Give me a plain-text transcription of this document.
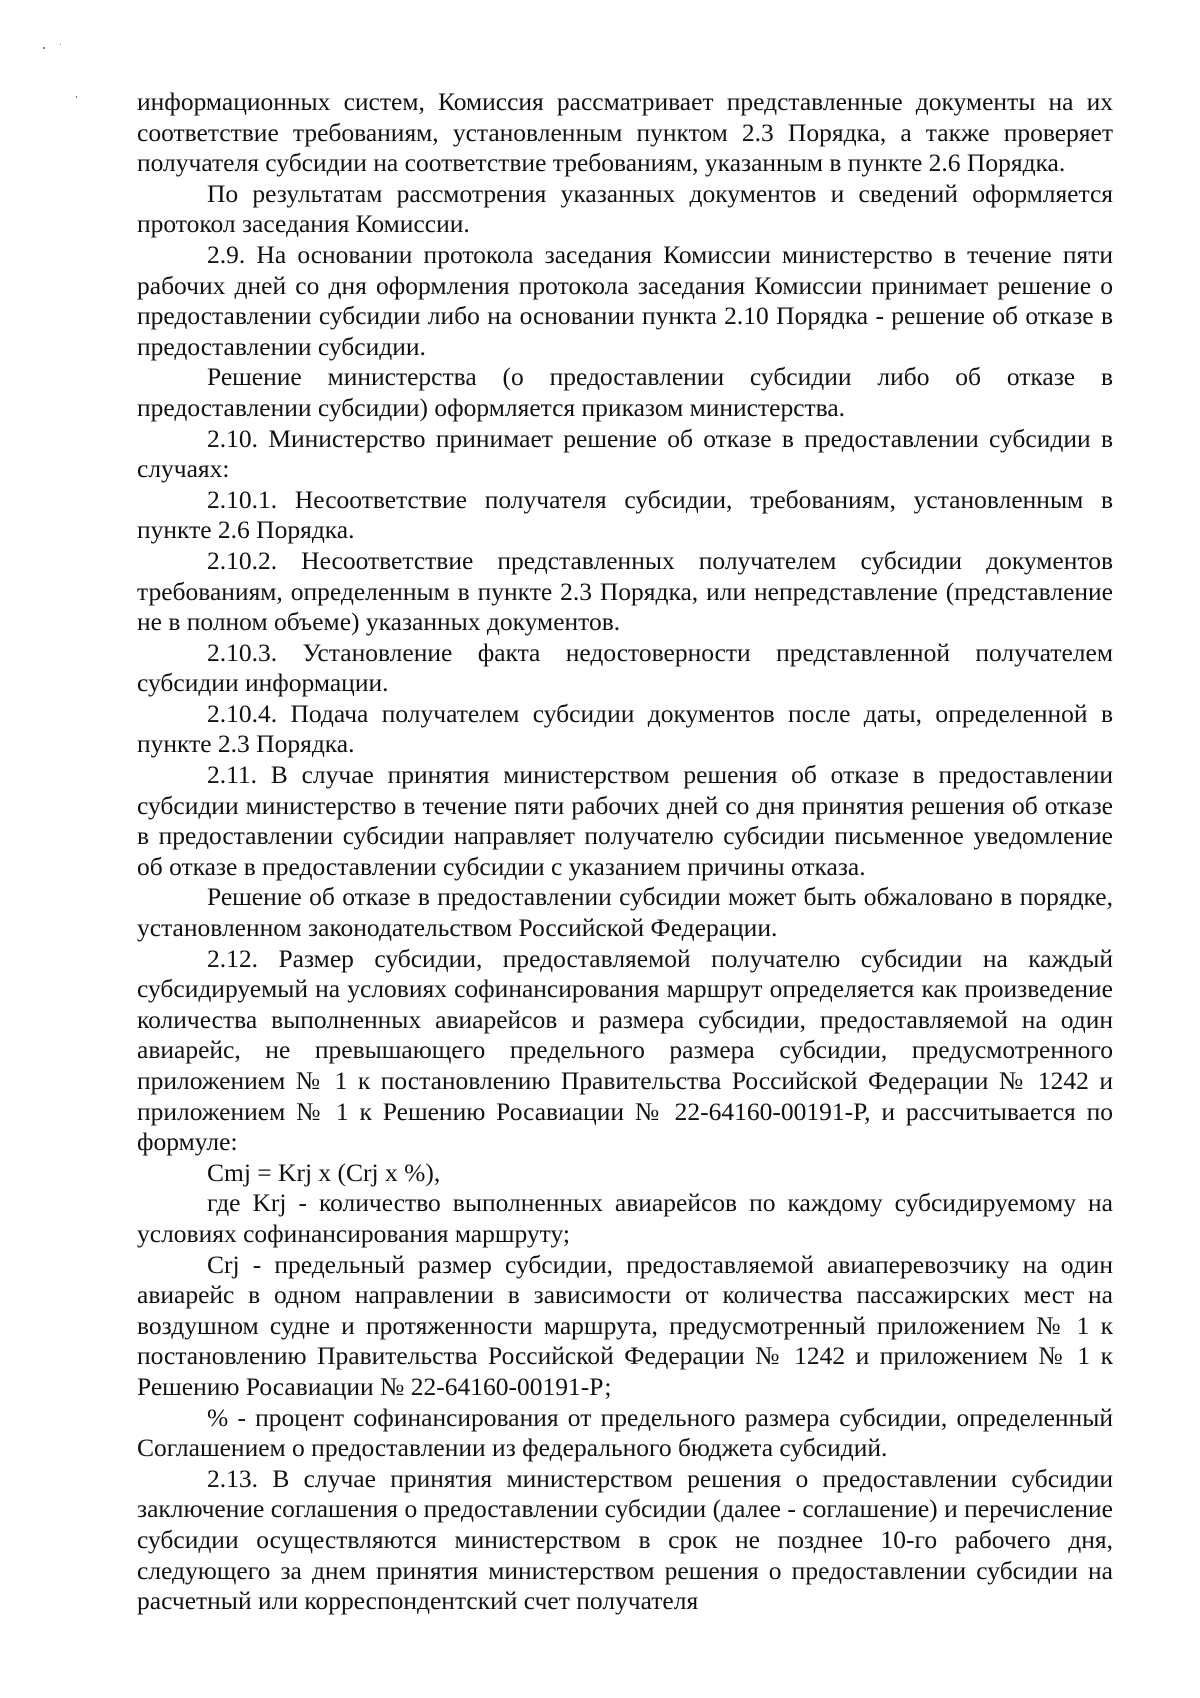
информационных систем, Комиссия рассматривает представленные документы на их соответствие требованиям, установленным пунктом 2.3 Порядка, а также проверяет получателя субсидии на соответствие требованиям, указанным в пункте 2.6 Порядка.

По результатам рассмотрения указанных документов и сведений оформляется протокол заседания Комиссии.

2.9. На основании протокола заседания Комиссии министерство в течение пяти рабочих дней со дня оформления протокола заседания Комиссии принимает решение о предоставлении субсидии либо на основании пункта 2.10 Порядка - решение об отказе в предоставлении субсидии.

Решение министерства (о предоставлении субсидии либо об отказе в предоставлении субсидии) оформляется приказом министерства.

2.10. Министерство принимает решение об отказе в предоставлении субсидии в случаях:

2.10.1. Несоответствие получателя субсидии, требованиям, установленным в пункте 2.6 Порядка.

2.10.2. Несоответствие представленных получателем субсидии документов требованиям, определенным в пункте 2.3 Порядка, или непредставление (представление не в полном объеме) указанных документов.

2.10.3. Установление факта недостоверности представленной получателем субсидии информации.

2.10.4. Подача получателем субсидии документов после даты, определенной в пункте 2.3 Порядка.

2.11. В случае принятия министерством решения об отказе в предоставлении субсидии министерство в течение пяти рабочих дней со дня принятия решения об отказе в предоставлении субсидии направляет получателю субсидии письменное уведомление об отказе в предоставлении субсидии с указанием причины отказа.

Решение об отказе в предоставлении субсидии может быть обжаловано в порядке, установленном законодательством Российской Федерации.

2.12. Размер субсидии, предоставляемой получателю субсидии на каждый субсидируемый на условиях софинансирования маршрут определяется как произведение количества выполненных авиарейсов и размера субсидии, предоставляемой на один авиарейс, не превышающего предельного размера субсидии, предусмотренного приложением № 1 к постановлению Правительства Российской Федерации № 1242 и приложением № 1 к Решению Росавиации № 22-64160-00191-Р, и рассчитывается по формуле:

Cmj = Krj x (Crj x %),

где Krj - количество выполненных авиарейсов по каждому субсидируемому на условиях софинансирования маршруту;

Crj - предельный размер субсидии, предоставляемой авиаперевозчику на один авиарейс в одном направлении в зависимости от количества пассажирских мест на воздушном судне и протяженности маршрута, предусмотренный приложением № 1 к постановлению Правительства Российской Федерации № 1242 и приложением № 1 к Решению Росавиации № 22-64160-00191-Р;

% - процент софинансирования от предельного размера субсидии, определенный Соглашением о предоставлении из федерального бюджета субсидий.

2.13. В случае принятия министерством решения о предоставлении субсидии заключение соглашения о предоставлении субсидии (далее - соглашение) и перечисление субсидии осуществляются министерством в срок не позднее 10-го рабочего дня, следующего за днем принятия министерством решения о предоставлении субсидии на расчетный или корреспондентский счет получателя
